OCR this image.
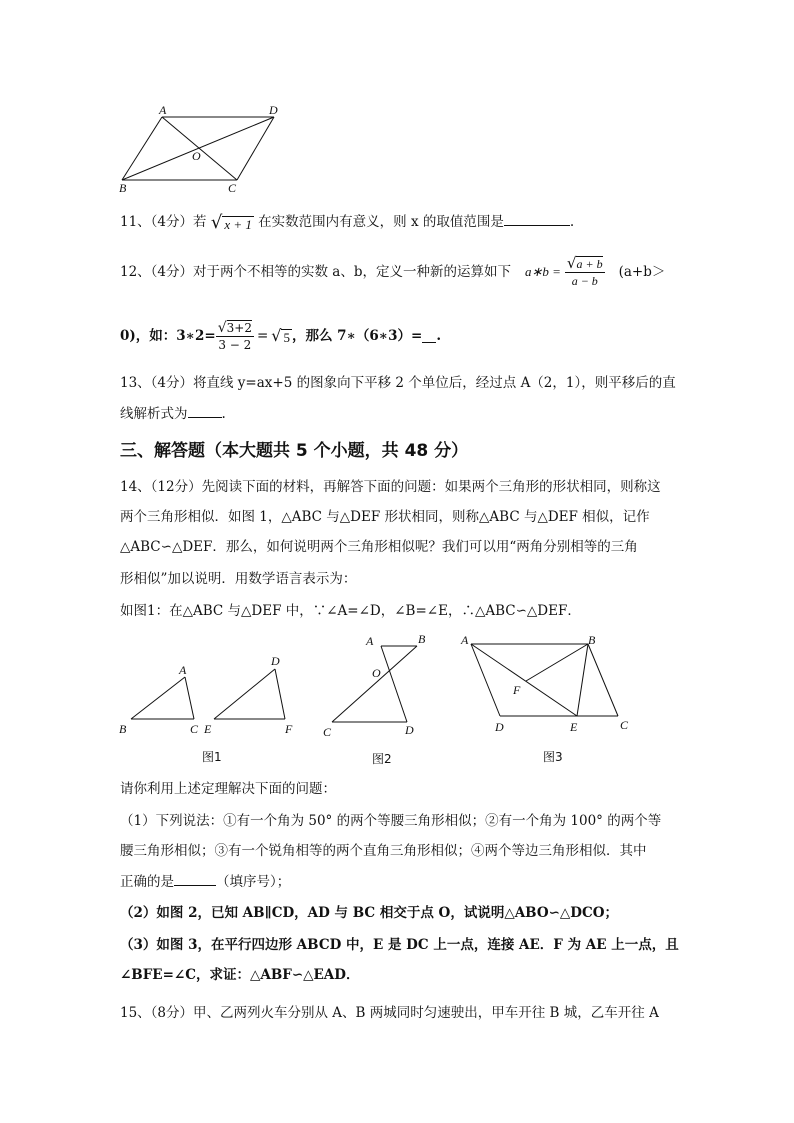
A	D
O
B	C
11、（4分）若 √ x + 1 在实数范围内有意义，则 x 的取值范围是	.
12、（4分）对于两个不相等的实数 a、b，定义一种新的运算如下 a∗b = $\frac{√a + b}{a - b} (a+b>$
0)，如：3∗2= $\frac{√3+2}{3 - 2}$ = √ 5 ，那么 7∗（6∗3）= .
13、（4分）将直线 y=ax+5 的图象向下平移 2 个单位后，经过点 A（2，1），则平移后的直
线解析式为	.
三、解答题（本大题共 5 个小题，共 48 分）
14、（12分）先阅读下面的材料，再解答下面的问题：如果两个三角形的形状相同，则称这
两个三角形相似．如图 1，△ABC 与△DEF 形状相同，则称△ABC 与△DEF 相似，记作
△ABC∽△DEF．那么，如何说明两个三角形相似呢？我们可以用“两角分别相等的三角
形相似”加以说明．用数学语言表示为：
如图1：在△ABC 与△DEF 中，∵∠A=∠D，∠B=∠E，∴△ABC∽△DEF．
A
B	C
D
E	F
图1
A	B
O
C	D
图2
A	B
F
D	E	C
图3
请你利用上述定理解决下面的问题：
（1）下列说法：①有一个角为 50° 的两个等腰三角形相似；②有一个角为 100° 的两个等
腰三角形相似；③有一个锐角相等的两个直角三角形相似；④两个等边三角形相似．其中
正确的是	（填序号）；
（2）如图 2，已知 AB∥CD，AD 与 BC 相交于点 O，试说明△ABO∽△DCO；
（3）如图 3，在平行四边形 ABCD 中，E 是 DC 上一点，连接 AE．F 为 AE 上一点，且
∠BFE=∠C，求证：△ABF∽△EAD．
15、（8分）甲、乙两列火车分别从 A、B 两城同时匀速驶出，甲车开往 B 城，乙车开往 A
